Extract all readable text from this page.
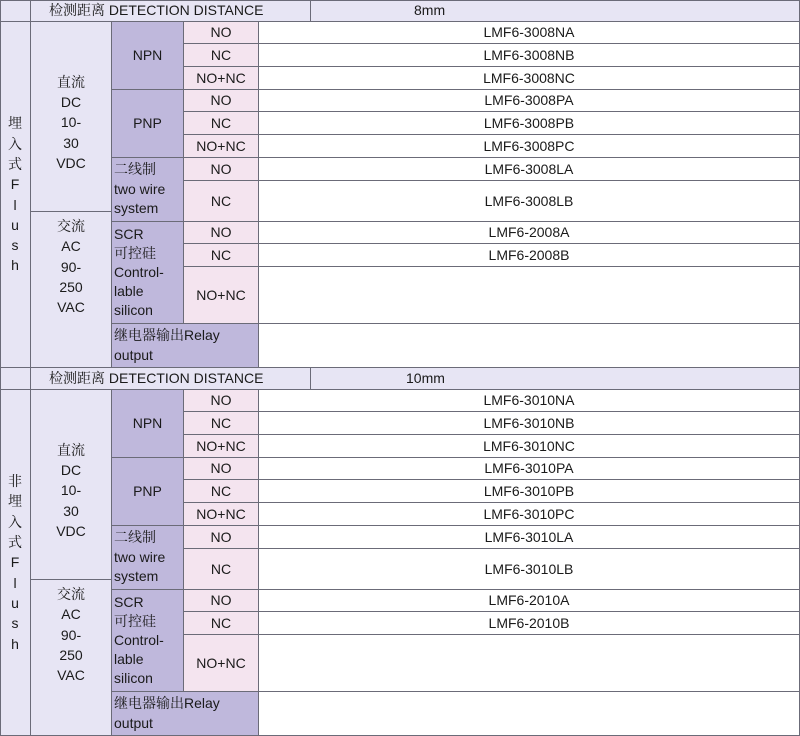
检测距离 DETECTION DISTANCE	8mm
埋
入
式
F
l
u
s
h
直流
DC
10-
30
VDC
交流
AC
90-
250
VAC
NPN
PNP
二线制
two wire
system
SCR
可控硅
Control-
lable
silicon
继电器输出Relay
output
NO
NC
NO+NC
NO
NC
NO+NC
NO
NC
NO
NC
NO+NC
LMF6-3008NA
LMF6-3008NB
LMF6-3008NC
LMF6-3008PA
LMF6-3008PB
LMF6-3008PC
LMF6-3008LA
LMF6-3008LB
LMF6-2008A
LMF6-2008B
检测距离 DETECTION DISTANCE	10mm
非
埋
入
式
F
l
u
s
h
直流
DC
10-
30
VDC
交流
AC
90-
250
VAC
NPN
PNP
二线制
two wire
system
SCR
可控硅
Control-
lable
silicon
继电器输出Relay
output
NO
NC
NO+NC
NO
NC
NO+NC
NO
NC
NO
NC
NO+NC
LMF6-3010NA
LMF6-3010NB
LMF6-3010NC
LMF6-3010PA
LMF6-3010PB
LMF6-3010PC
LMF6-3010LA
LMF6-3010LB
LMF6-2010A
LMF6-2010B
